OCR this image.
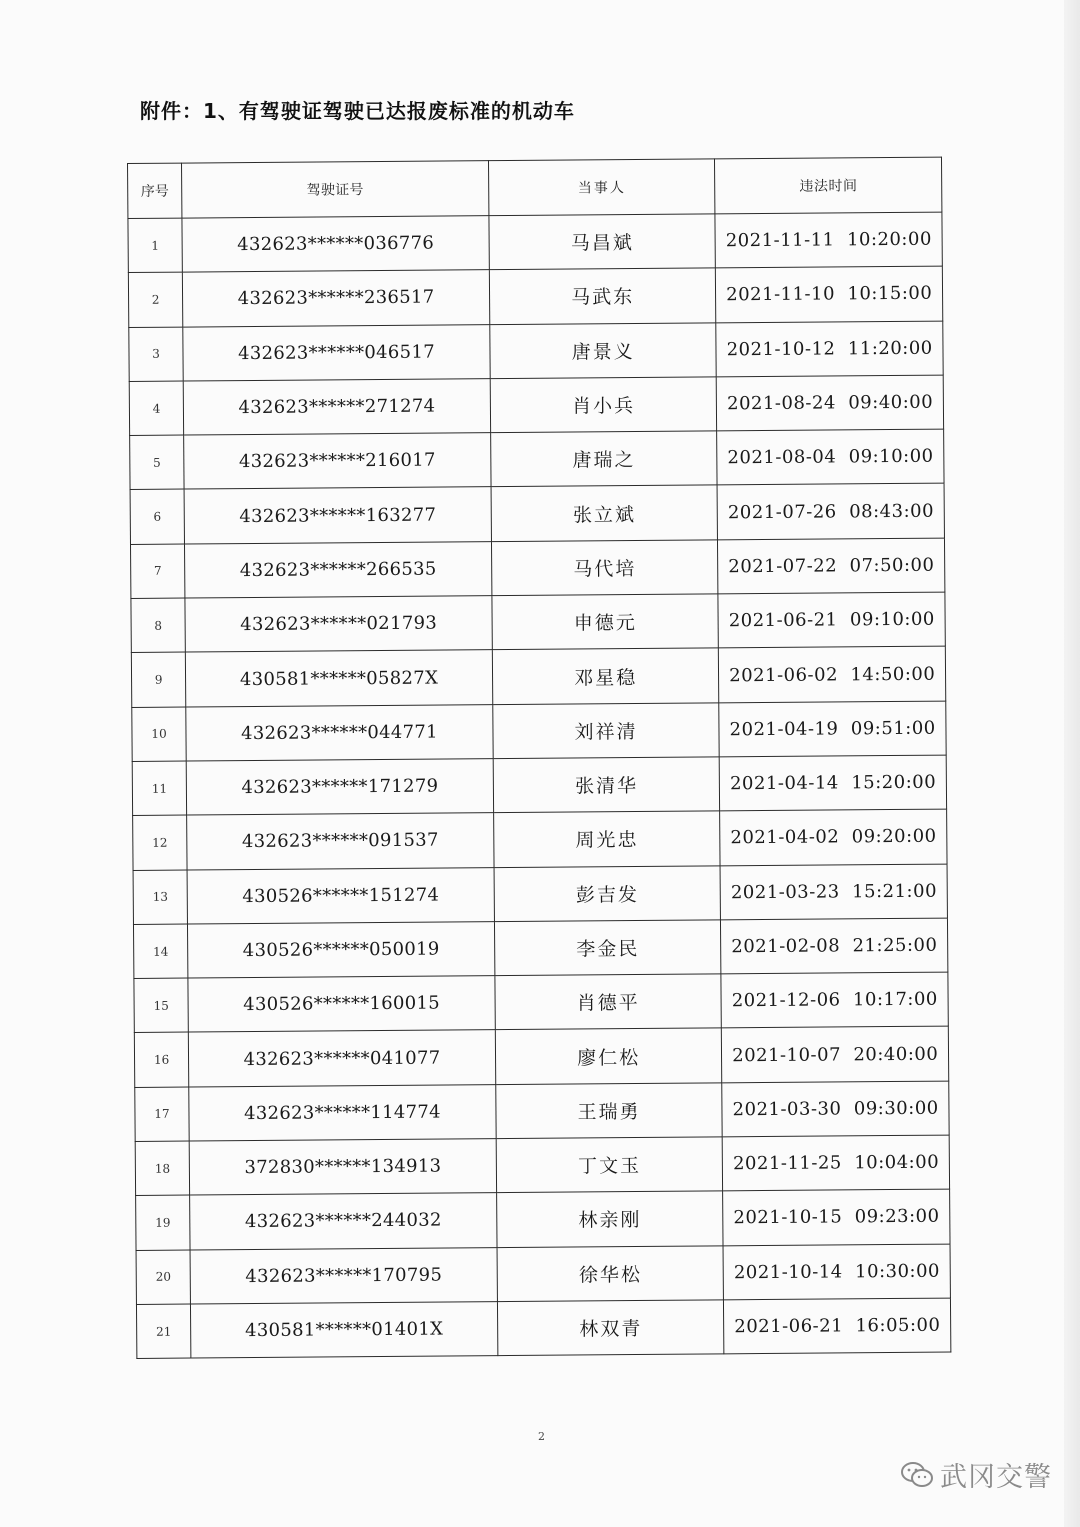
附件：1、有驾驶证驾驶已达报废标准的机动车
序号	驾驶证号	当事人	违法时间
1	432623******036776	马昌斌	2021-11-11  10:20:00
2	432623******236517	马武东	2021-11-10  10:15:00
3	432623******046517	唐景义	2021-10-12  11:20:00
4	432623******271274	肖小兵	2021-08-24  09:40:00
5	432623******216017	唐瑞之	2021-08-04  09:10:00
6	432623******163277	张立斌	2021-07-26  08:43:00
7	432623******266535	马代培	2021-07-22  07:50:00
8	432623******021793	申德元	2021-06-21  09:10:00
9	430581******05827X	邓星稳	2021-06-02  14:50:00
10	432623******044771	刘祥清	2021-04-19  09:51:00
11	432623******171279	张清华	2021-04-14  15:20:00
12	432623******091537	周光忠	2021-04-02  09:20:00
13	430526******151274	彭吉发	2021-03-23  15:21:00
14	430526******050019	李金民	2021-02-08  21:25:00
15	430526******160015	肖德平	2021-12-06  10:17:00
16	432623******041077	廖仁松	2021-10-07  20:40:00
17	432623******114774	王瑞勇	2021-03-30  09:30:00
18	372830******134913	丁文玉	2021-11-25  10:04:00
19	432623******244032	林亲刚	2021-10-15  09:23:00
20	432623******170795	徐华松	2021-10-14  10:30:00
21	430581******01401X	林双青	2021-06-21  16:05:00
2
武冈交警
